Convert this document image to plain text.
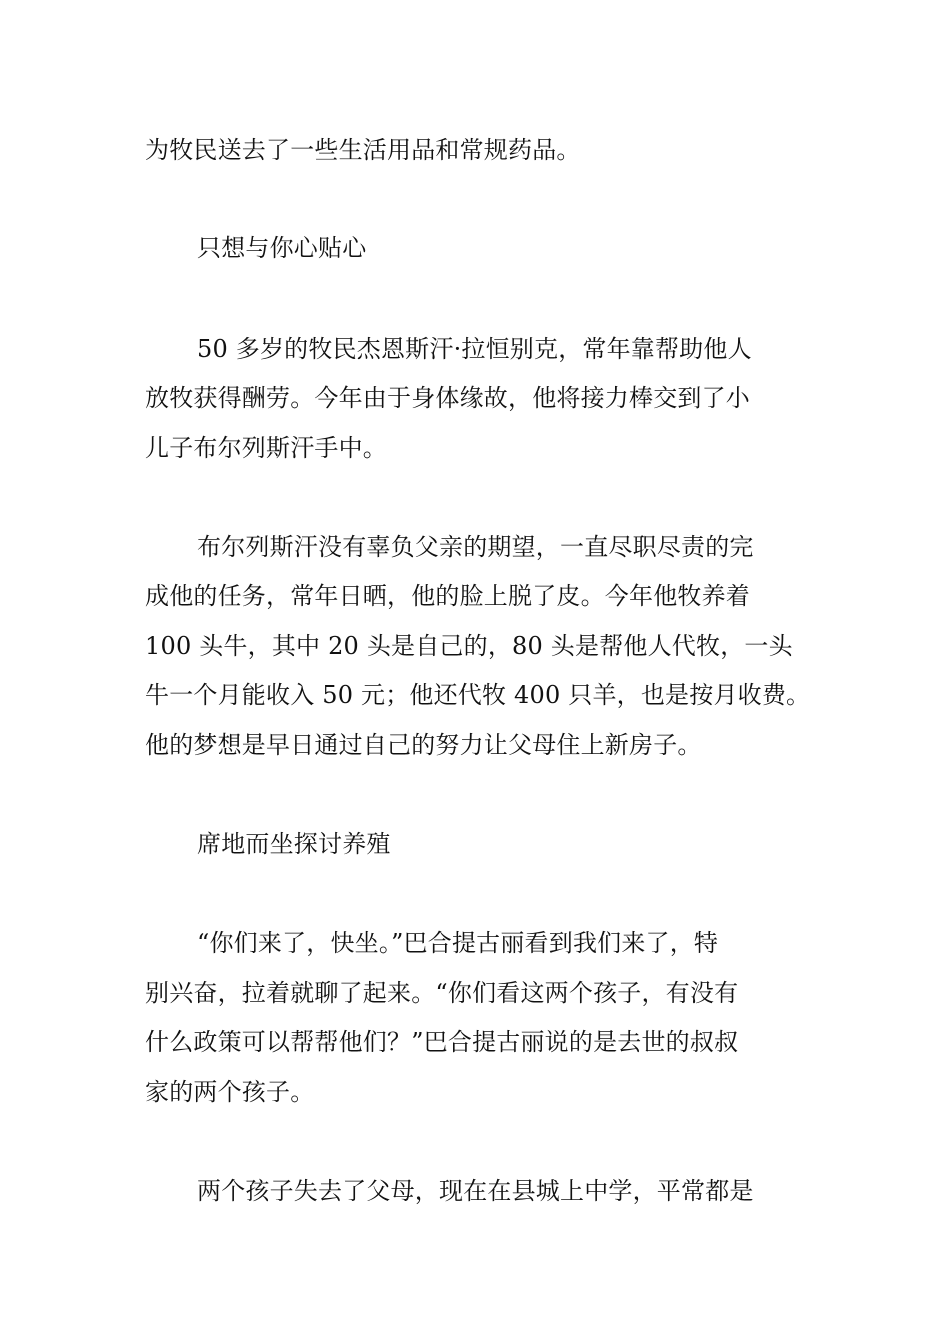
为牧民送去了一些生活用品和常规药品。
只想与你心贴心
50 多岁的牧民杰恩斯汗·拉恒别克，常年靠帮助他人
放牧获得酬劳。今年由于身体缘故，他将接力棒交到了小
儿子布尔列斯汗手中。
布尔列斯汗没有辜负父亲的期望，一直尽职尽责的完
成他的任务，常年日晒，他的脸上脱了皮。今年他牧养着
100 头牛，其中 20 头是自己的，80 头是帮他人代牧，一头
牛一个月能收入 50 元；他还代牧 400 只羊，也是按月收费。
他的梦想是早日通过自己的努力让父母住上新房子。
席地而坐探讨养殖
“你们来了，快坐。”巴合提古丽看到我们来了，特
别兴奋，拉着就聊了起来。“你们看这两个孩子，有没有
什么政策可以帮帮他们？”巴合提古丽说的是去世的叔叔
家的两个孩子。
两个孩子失去了父母，现在在县城上中学，平常都是
